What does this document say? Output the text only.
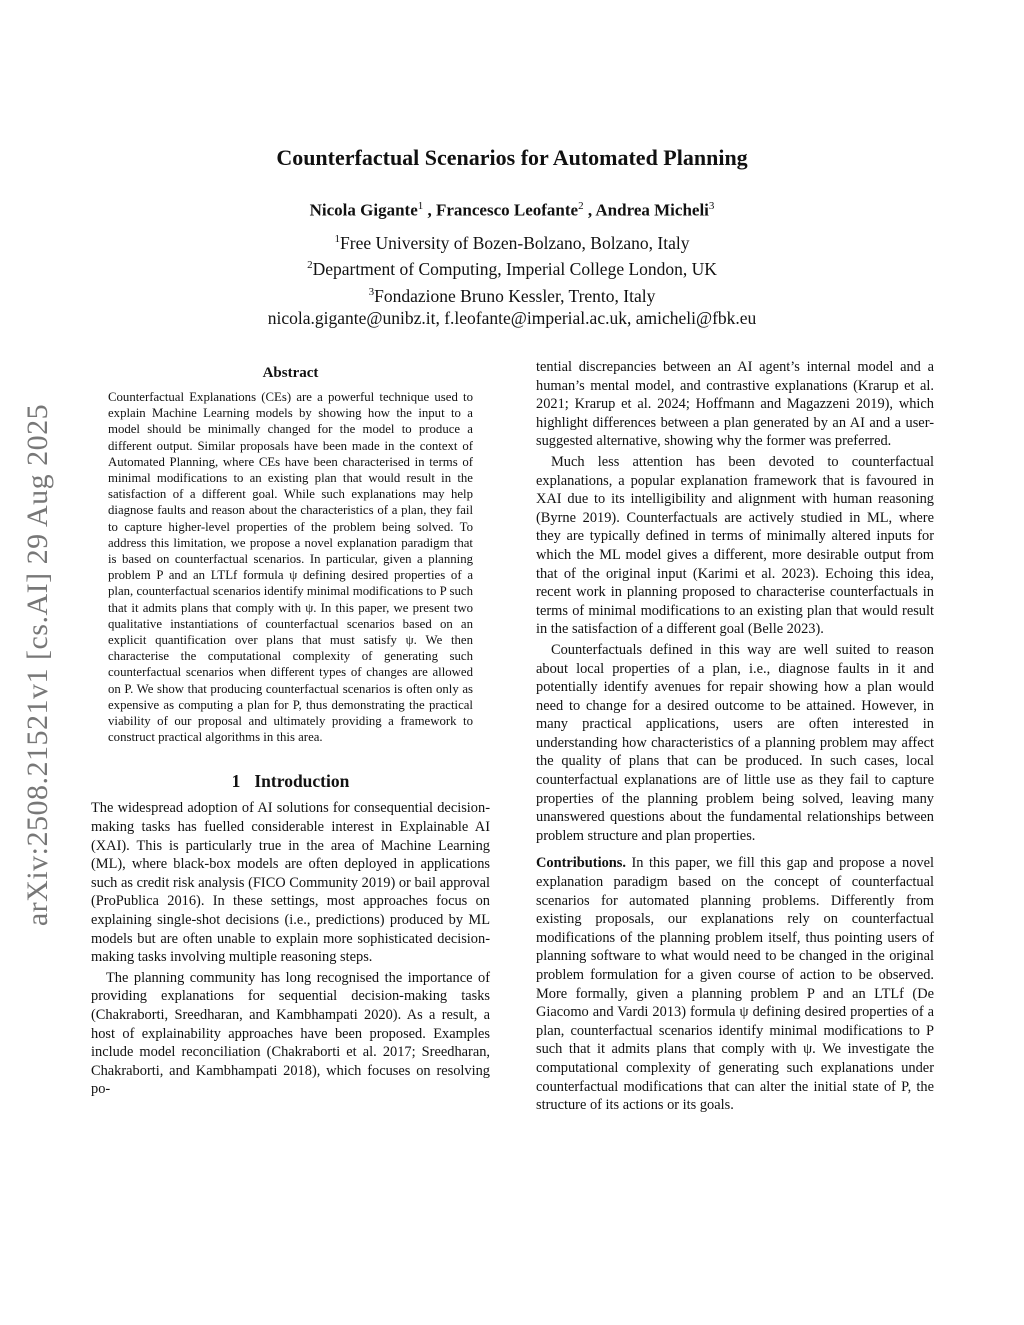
arXiv:2508.21521v1 [cs.AI] 29 Aug 2025
Counterfactual Scenarios for Automated Planning
Nicola Gigante$^1$ , Francesco Leofante$^2$ , Andrea Micheli$^3$
$^1$Free University of Bozen-Bolzano, Bolzano, Italy
$^2$Department of Computing, Imperial College London, UK
$^3$Fondazione Bruno Kessler, Trento, Italy
nicola.gigante@unibz.it, f.leofante@imperial.ac.uk, amicheli@fbk.eu
Abstract

Counterfactual Explanations (CEs) are a powerful technique used to explain Machine Learning models by showing how the input to a model should be minimally changed for the model to produce a different output. Similar proposals have been made in the context of Automated Planning, where CEs have been characterised in terms of minimal modifications to an existing plan that would result in the satisfaction of a different goal. While such explanations may help diagnose faults and reason about the characteristics of a plan, they fail to capture higher-level properties of the problem being solved. To address this limitation, we propose a novel explanation paradigm that is based on counterfactual scenarios. In particular, given a planning problem P and an LTLf formula ψ defining desired properties of a plan, counterfactual scenarios identify minimal modifications to P such that it admits plans that comply with ψ. In this paper, we present two qualitative instantiations of counterfactual scenarios based on an explicit quantification over plans that must satisfy ψ. We then characterise the computational complexity of generating such counterfactual scenarios when different types of changes are allowed on P. We show that producing counterfactual scenarios is often only as expensive as computing a plan for P, thus demonstrating the practical viability of our proposal and ultimately providing a framework to construct practical algorithms in this area.

1 Introduction

The widespread adoption of AI solutions for consequential decision-making tasks has fuelled considerable interest in Explainable AI (XAI). This is particularly true in the area of Machine Learning (ML), where black-box models are often deployed in applications such as credit risk analysis (FICO Community 2019) or bail approval (ProPublica 2016). In these settings, most approaches focus on explaining single-shot decisions (i.e., predictions) produced by ML models but are often unable to explain more sophisticated decision-making tasks involving multiple reasoning steps.

The planning community has long recognised the importance of providing explanations for sequential decision-making tasks (Chakraborti, Sreedharan, and Kambhampati 2020). As a result, a host of explainability approaches have been proposed. Examples include model reconciliation (Chakraborti et al. 2017; Sreedharan, Chakraborti, and Kambhampati 2018), which focuses on resolving po-

tential discrepancies between an AI agent’s internal model and a human’s mental model, and contrastive explanations (Krarup et al. 2021; Krarup et al. 2024; Hoffmann and Magazzeni 2019), which highlight differences between a plan generated by an AI and a user-suggested alternative, showing why the former was preferred.

Much less attention has been devoted to counterfactual explanations, a popular explanation framework that is favoured in XAI due to its intelligibility and alignment with human reasoning (Byrne 2019). Counterfactuals are actively studied in ML, where they are typically defined in terms of minimally altered inputs for which the ML model gives a different, more desirable output from that of the original input (Karimi et al. 2023). Echoing this idea, recent work in planning proposed to characterise counterfactuals in terms of minimal modifications to an existing plan that would result in the satisfaction of a different goal (Belle 2023).

Counterfactuals defined in this way are well suited to reason about local properties of a plan, i.e., diagnose faults in it and potentially identify avenues for repair showing how a plan would need to change for a desired outcome to be attained. However, in many practical applications, users are often interested in understanding how characteristics of a planning problem may affect the quality of plans that can be produced. In such cases, local counterfactual explanations are of little use as they fail to capture properties of the planning problem being solved, leaving many unanswered questions about the fundamental relationships between problem structure and plan properties.

Contributions. In this paper, we fill this gap and propose a novel explanation paradigm based on the concept of counterfactual scenarios for automated planning problems. Differently from existing proposals, our explanations rely on counterfactual modifications of the planning problem itself, thus pointing users of planning software to what would need to be changed in the original problem formulation for a given course of action to be observed. More formally, given a planning problem P and an LTLf (De Giacomo and Vardi 2013) formula ψ defining desired properties of a plan, counterfactual scenarios identify minimal modifications to P such that it admits plans that comply with ψ. We investigate the computational complexity of generating such explanations under counterfactual modifications that can alter the initial state of P, the structure of its actions or its goals.
